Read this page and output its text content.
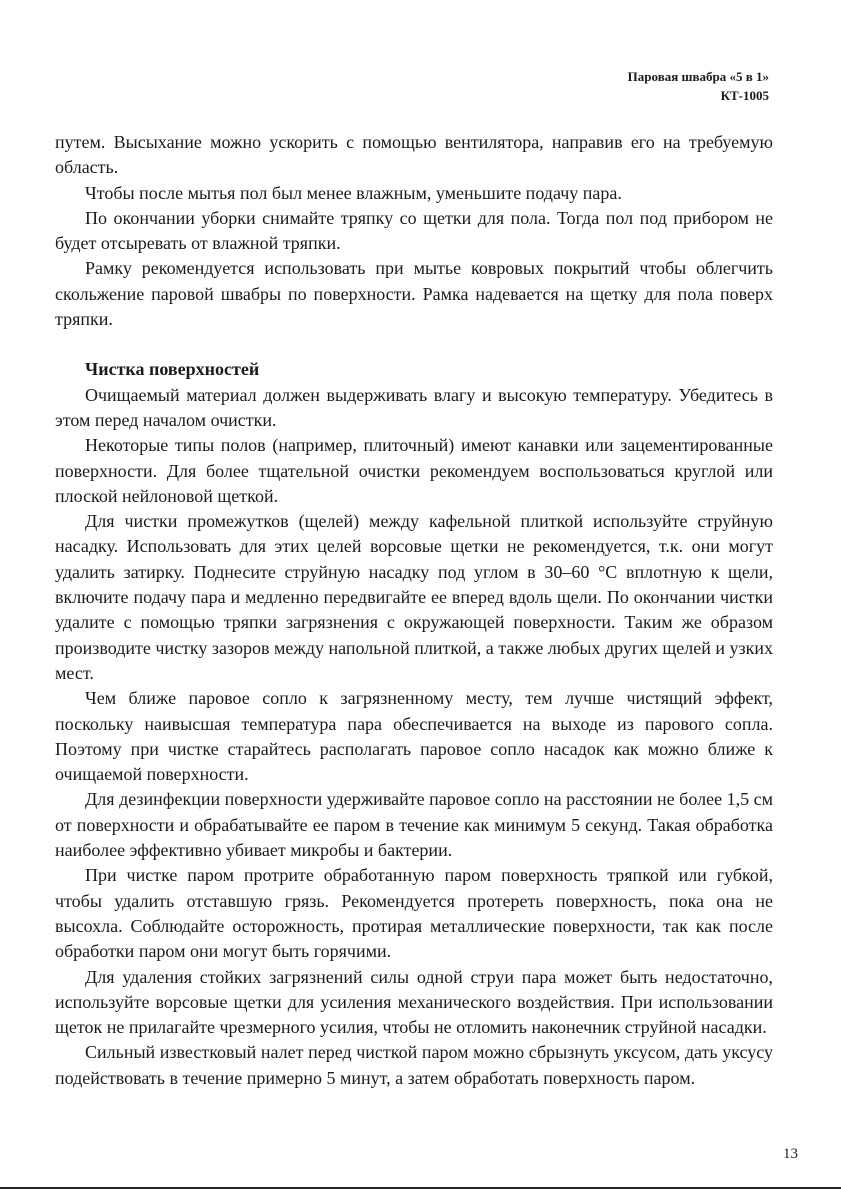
Паровая швабра «5 в 1»
КТ-1005

путем. Высыхание можно ускорить с помощью вентилятора, направив его на требуемую область.

Чтобы после мытья пол был менее влажным, уменьшите подачу пара.

По окончании уборки снимайте тряпку со щетки для пола. Тогда пол под прибором не будет отсыревать от влажной тряпки.

Рамку рекомендуется использовать при мытье ковровых покрытий чтобы облегчить скольжение паровой швабры по поверхности. Рамка надевается на щетку для пола поверх тряпки.

Чистка поверхностей

Очищаемый материал должен выдерживать влагу и высокую температуру. Убедитесь в этом перед началом очистки.

Некоторые типы полов (например, плиточный) имеют канавки или зацементированные поверхности. Для более тщательной очистки рекомендуем воспользоваться круглой или плоской нейлоновой щеткой.

Для чистки промежутков (щелей) между кафельной плиткой используйте струйную насадку. Использовать для этих целей ворсовые щетки не рекомендуется, т.к. они могут удалить затирку. Поднесите струйную насадку под углом в 30–60 °С вплотную к щели, включите подачу пара и медленно передвигайте ее вперед вдоль щели. По окончании чистки удалите с помощью тряпки загрязнения с окружающей поверхности. Таким же образом производите чистку зазоров между напольной плиткой, а также любых других щелей и узких мест.

Чем ближе паровое сопло к загрязненному месту, тем лучше чистящий эффект, поскольку наивысшая температура пара обеспечивается на выходе из парового сопла. Поэтому при чистке старайтесь располагать паровое сопло насадок как можно ближе к очищаемой поверхности.

Для дезинфекции поверхности удерживайте паровое сопло на расстоянии не более 1,5 см от поверхности и обрабатывайте ее паром в течение как минимум 5 секунд. Такая обработка наиболее эффективно убивает микробы и бактерии.

При чистке паром протрите обработанную паром поверхность тряпкой или губкой, чтобы удалить отставшую грязь. Рекомендуется протереть поверхность, пока она не высохла. Соблюдайте осторожность, протирая металлические поверхности, так как после обработки паром они могут быть горячими.

Для удаления стойких загрязнений силы одной струи пара может быть недостаточно, используйте ворсовые щетки для усиления механического воздействия. При использовании щеток не прилагайте чрезмерного усилия, чтобы не отломить наконечник струйной насадки.

Сильный известковый налет перед чисткой паром можно сбрызнуть уксусом, дать уксусу подействовать в течение примерно 5 минут, а затем обработать поверхность паром.

13
